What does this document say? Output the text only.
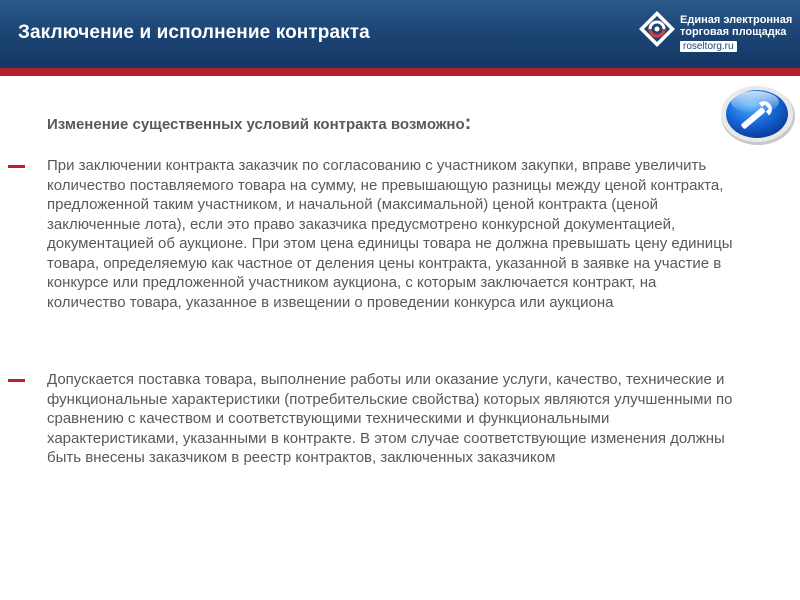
Заключение и исполнение контракта
Единая электронная
торговая площадка
roseltorg.ru
Изменение существенных условий контракта возможно:
При заключении контракта заказчик по согласованию с участником закупки, вправе увеличить количество поставляемого товара на сумму, не превышающую разницы между ценой контракта, предложенной таким участником, и начальной (максимальной) ценой контракта (ценой заключенные лота), если это право заказчика предусмотрено конкурсной документацией, документацией об аукционе. При этом цена единицы товара не должна превышать цену единицы товара, определяемую как частное от деления цены контракта, указанной в заявке на участие в конкурсе или предложенной участником аукциона, с которым заключается контракт, на количество товара, указанное в извещении о проведении конкурса или аукциона
Допускается поставка товара, выполнение работы или оказание услуги, качество, технические и функциональные характеристики (потребительские свойства) которых являются улучшенными по сравнению с качеством и соответствующими техническими и функциональными характеристиками, указанными в контракте. В этом случае соответствующие изменения должны быть внесены заказчиком в реестр контрактов, заключенных заказчиком
